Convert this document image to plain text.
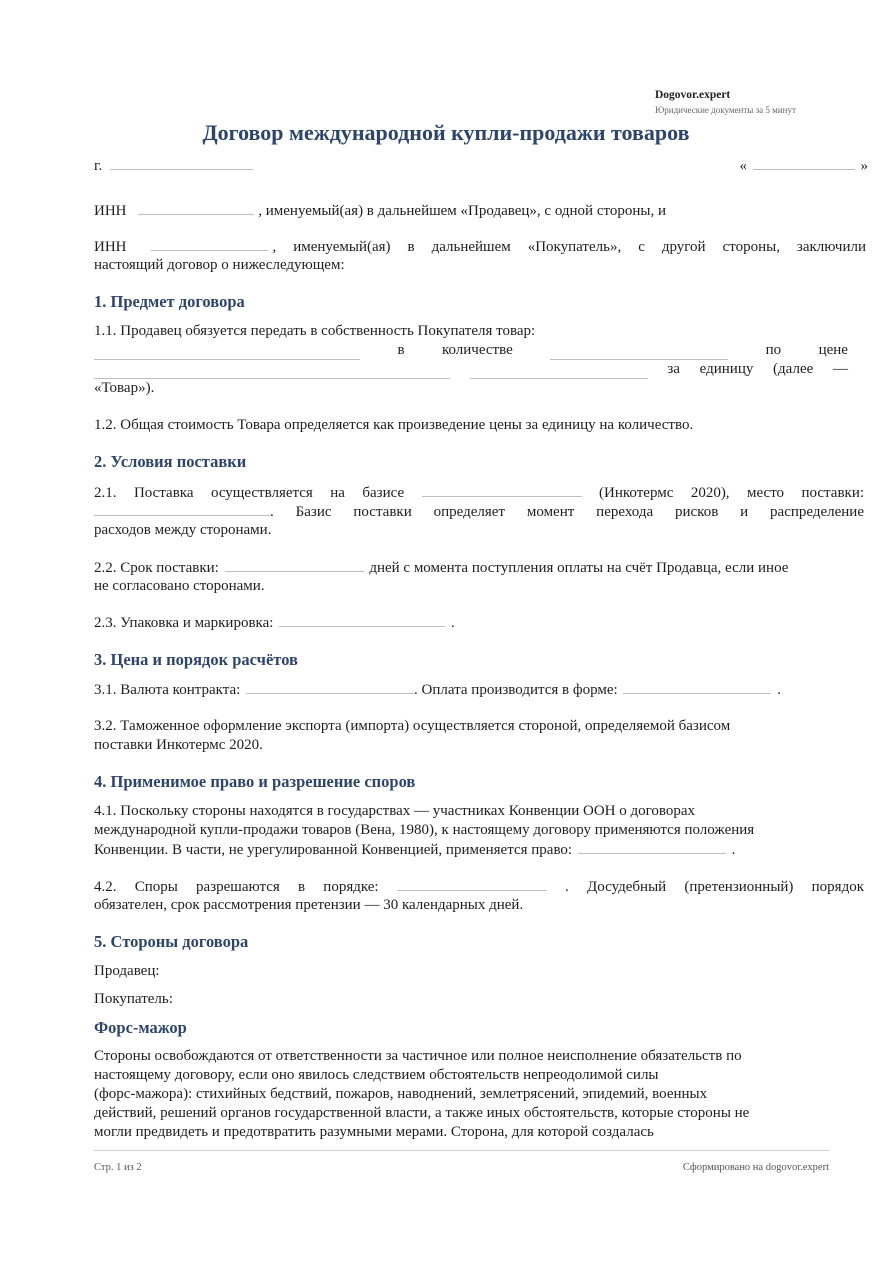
Dogovor.expert
Юридические документы за 5 минут
Договор международной купли-продажи товаров
г.	«	»
ИНН	, именуемый(ая) в дальнейшем «Продавец», с одной стороны, и
ИНН	, именуемый(ая) в дальнейшем «Покупатель», с другой стороны, заключили
настоящий договор о нижеследующем:
1. Предмет договора
1.1. Продавец обязуется передать в собственность Покупателя товар:
в количестве	по цене
за единицу (далее —
«Товар»).
1.2. Общая стоимость Товара определяется как произведение цены за единицу на количество.
2. Условия поставки
2.1. Поставка осуществляется на базисе	(Инкотермс 2020), место поставки:
. Базис поставки определяет момент перехода рисков и распределение
расходов между сторонами.
2.2. Срок поставки:	дней с момента поступления оплаты на счёт Продавца, если иное
не согласовано сторонами.
2.3. Упаковка и маркировка:	.
3. Цена и порядок расчётов
3.1. Валюта контракта:	. Оплата производится в форме:	.
3.2. Таможенное оформление экспорта (импорта) осуществляется стороной, определяемой базисом
поставки Инкотермс 2020.
4. Применимое право и разрешение споров
4.1. Поскольку стороны находятся в государствах — участниках Конвенции ООН о договорах
международной купли-продажи товаров (Вена, 1980), к настоящему договору применяются положения
Конвенции. В части, не урегулированной Конвенцией, применяется право:	.
4.2. Споры разрешаются в порядке:	. Досудебный (претензионный) порядок
обязателен, срок рассмотрения претензии — 30 календарных дней.
5. Стороны договора
Продавец:
Покупатель:
Форс-мажор
Стороны освобождаются от ответственности за частичное или полное неисполнение обязательств по
настоящему договору, если оно явилось следствием обстоятельств непреодолимой силы
(форс-мажора): стихийных бедствий, пожаров, наводнений, землетрясений, эпидемий, военных
действий, решений органов государственной власти, а также иных обстоятельств, которые стороны не
могли предвидеть и предотвратить разумными мерами. Сторона, для которой создалась
Стр. 1 из 2	Сформировано на dogovor.expert
